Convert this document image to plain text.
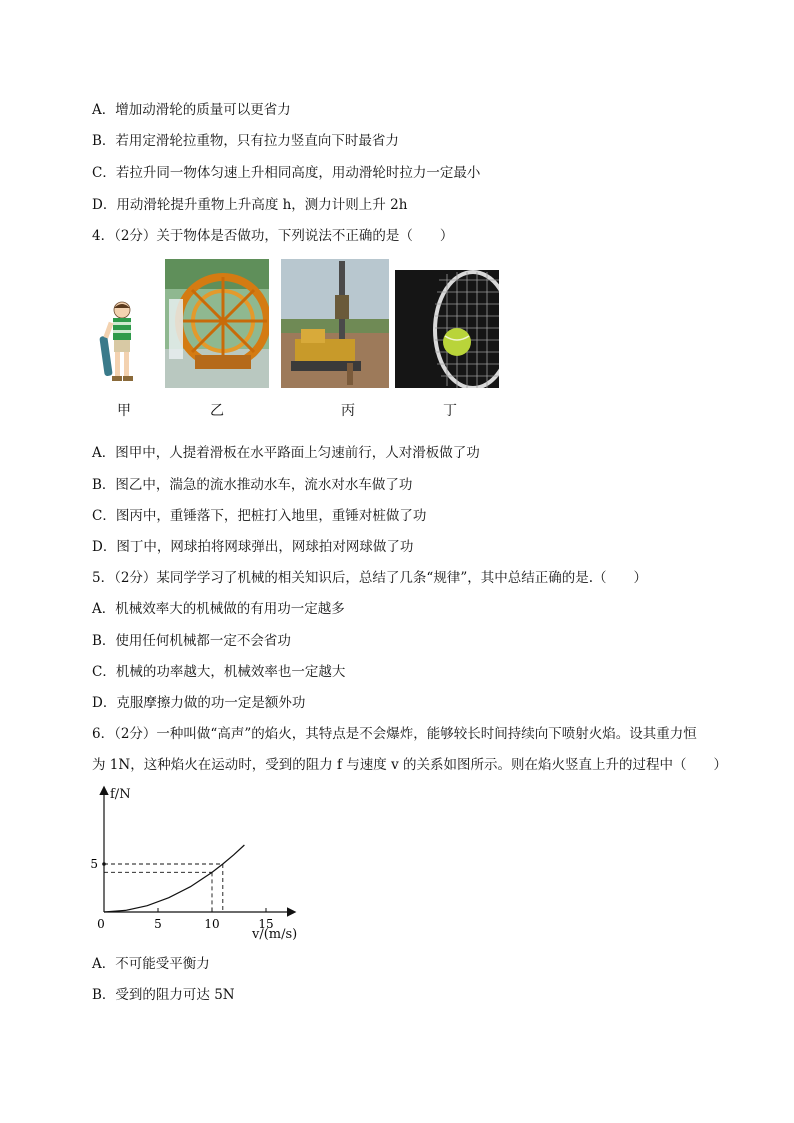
A．增加动滑轮的质量可以更省力
B．若用定滑轮拉重物，只有拉力竖直向下时最省力
C．若拉升同一物体匀速上升相同高度，用动滑轮时拉力一定最小
D．用动滑轮提升重物上升高度 h，测力计则上升 2h
4．（2分）关于物体是否做功，下列说法不正确的是（　　）
甲	乙	丙	丁
A．图甲中，人提着滑板在水平路面上匀速前行，人对滑板做了功
B．图乙中，湍急的流水推动水车，流水对水车做了功
C．图丙中，重锤落下，把桩打入地里，重锤对桩做了功
D．图丁中，网球拍将网球弹出，网球拍对网球做了功
5．（2分）某同学学习了机械的相关知识后，总结了几条“规律”，其中总结正确的是.（　　）
A．机械效率大的机械做的有用功一定越多
B．使用任何机械都一定不会省功
C．机械的功率越大，机械效率也一定越大
D．克服摩擦力做的功一定是额外功
6．（2分）一种叫做“高声”的焰火，其特点是不会爆炸，能够较长时间持续向下喷射火焰。设其重力恒
为 1N，这种焰火在运动时，受到的阻力 f 与速度 v 的关系如图所示。则在焰火竖直上升的过程中（　　）
f/N
v/(m/s)
0	5	10	15
5
A．不可能受平衡力
B．受到的阻力可达 5N
